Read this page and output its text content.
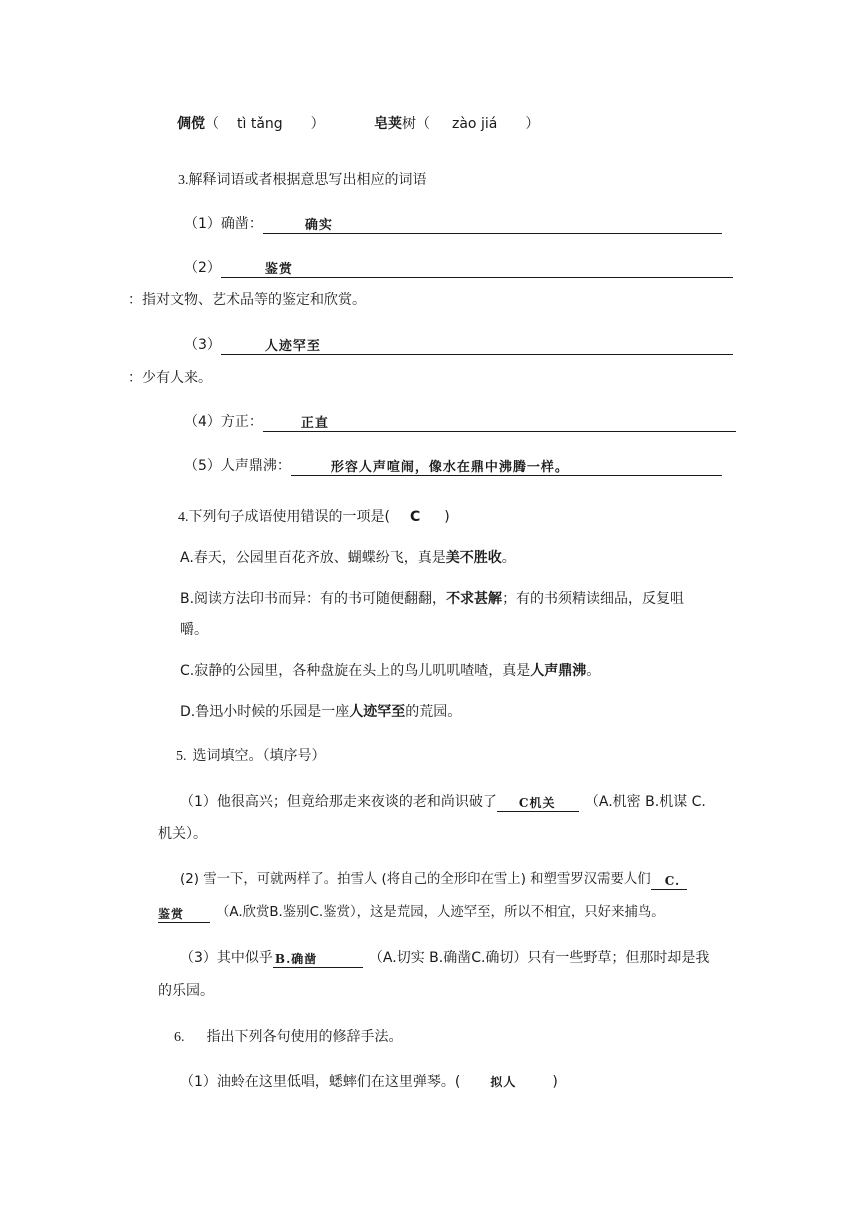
倜傥（ tì tǎng ）	皂荚树（ zào jiá ）
3.解释词语或者根据意思写出相应的词语
（1）确凿：	确实
（2）	鉴赏
：指对文物、艺术品等的鉴定和欣赏。
（3）	人迹罕至
：少有人来。
（4）方正：	正直
（5）人声鼎沸：	形容人声喧闹，像水在鼎中沸腾一样。
4.下列句子成语使用错误的一项是( C )
A.春天，公园里百花齐放、蝴蝶纷飞，真是美不胜收。
B.阅读方法印书而异：有的书可随便翻翻，不求甚解；有的书须精读细品，反复咀
嚼。
C.寂静的公园里，各种盘旋在头上的鸟儿叽叽喳喳，真是人声鼎沸。
D.鲁迅小时候的乐园是一座人迹罕至的荒园。
5. 选词填空。（填序号）
（1）他很高兴；但竟给那走来夜谈的老和尚识破了 C机关 （A.机密 B.机谋 C.
机关）。
(2) 雪一下，可就两样了。拍雪人 (将自己的全形印在雪上) 和塑雪罗汉需要人们 C.
鉴赏 （A.欣赏B.鉴别C.鉴赏），这是荒园，人迹罕至，所以不相宜，只好来捕鸟。
（3）其中似乎 B.确凿	（A.切实 B.确凿C.确切）只有一些野草；但那时却是我
的乐园。
6. 指出下列各句使用的修辞手法。
（1）油蛉在这里低唱，蟋蟀们在这里弹琴。(	拟人	)
